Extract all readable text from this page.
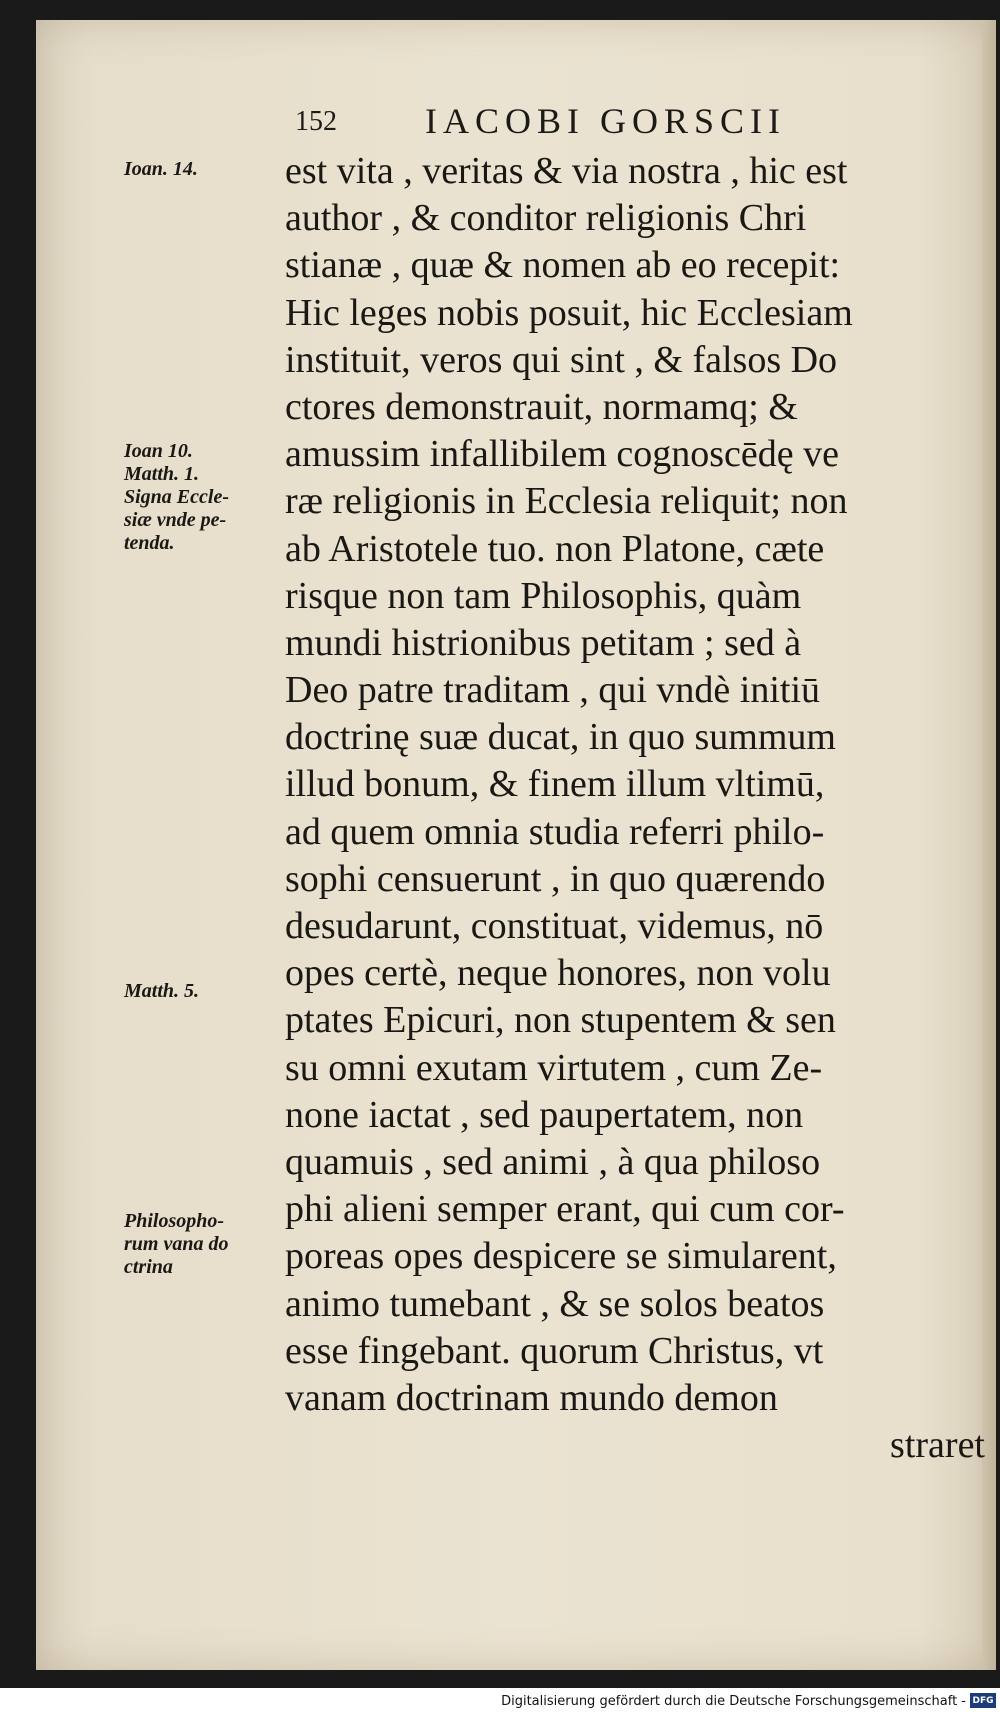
152 IACOBI GORSCII
Ioan. 14.
Ioan 10.
Matth. 1.
Signa Eccle-
siæ vnde pe-
tenda.
Matth. 5.
Philosopho-
rum vana do
ctrina
est vita , veritas & via nostra , hic est
author , & conditor religionis Chri
stianæ , quæ & nomen ab eo recepit:
Hic leges nobis posuit, hic Ecclesiam
instituit, veros qui sint , & falsos Do
ctores demonstrauit, normamq; &
amussim infallibilem cognoscēdę ve
ræ religionis in Ecclesia reliquit; non
ab Aristotele tuo. non Platone, cæte
risque non tam Philosophis, quàm
mundi histrionibus petitam ; sed à
Deo patre traditam , qui vndè initiū
doctrinę suæ ducat, in quo summum
illud bonum, & finem illum vltimū,
ad quem omnia studia referri philo-
sophi censuerunt , in quo quærendo
desudarunt, constituat, videmus, nō
opes certè, neque honores, non volu
ptates Epicuri, non stupentem & sen
su omni exutam virtutem , cum Ze-
none iactat , sed paupertatem, non
quamuis , sed animi , à qua philoso
phi alieni semper erant, qui cum cor-
poreas opes despicere se simularent,
animo tumebant , & se solos beatos
esse fingebant. quorum Christus, vt
vanam doctrinam mundo demon
straret
Digitalisierung gefördert durch die Deutsche Forschungsgemeinschaft - DFG
